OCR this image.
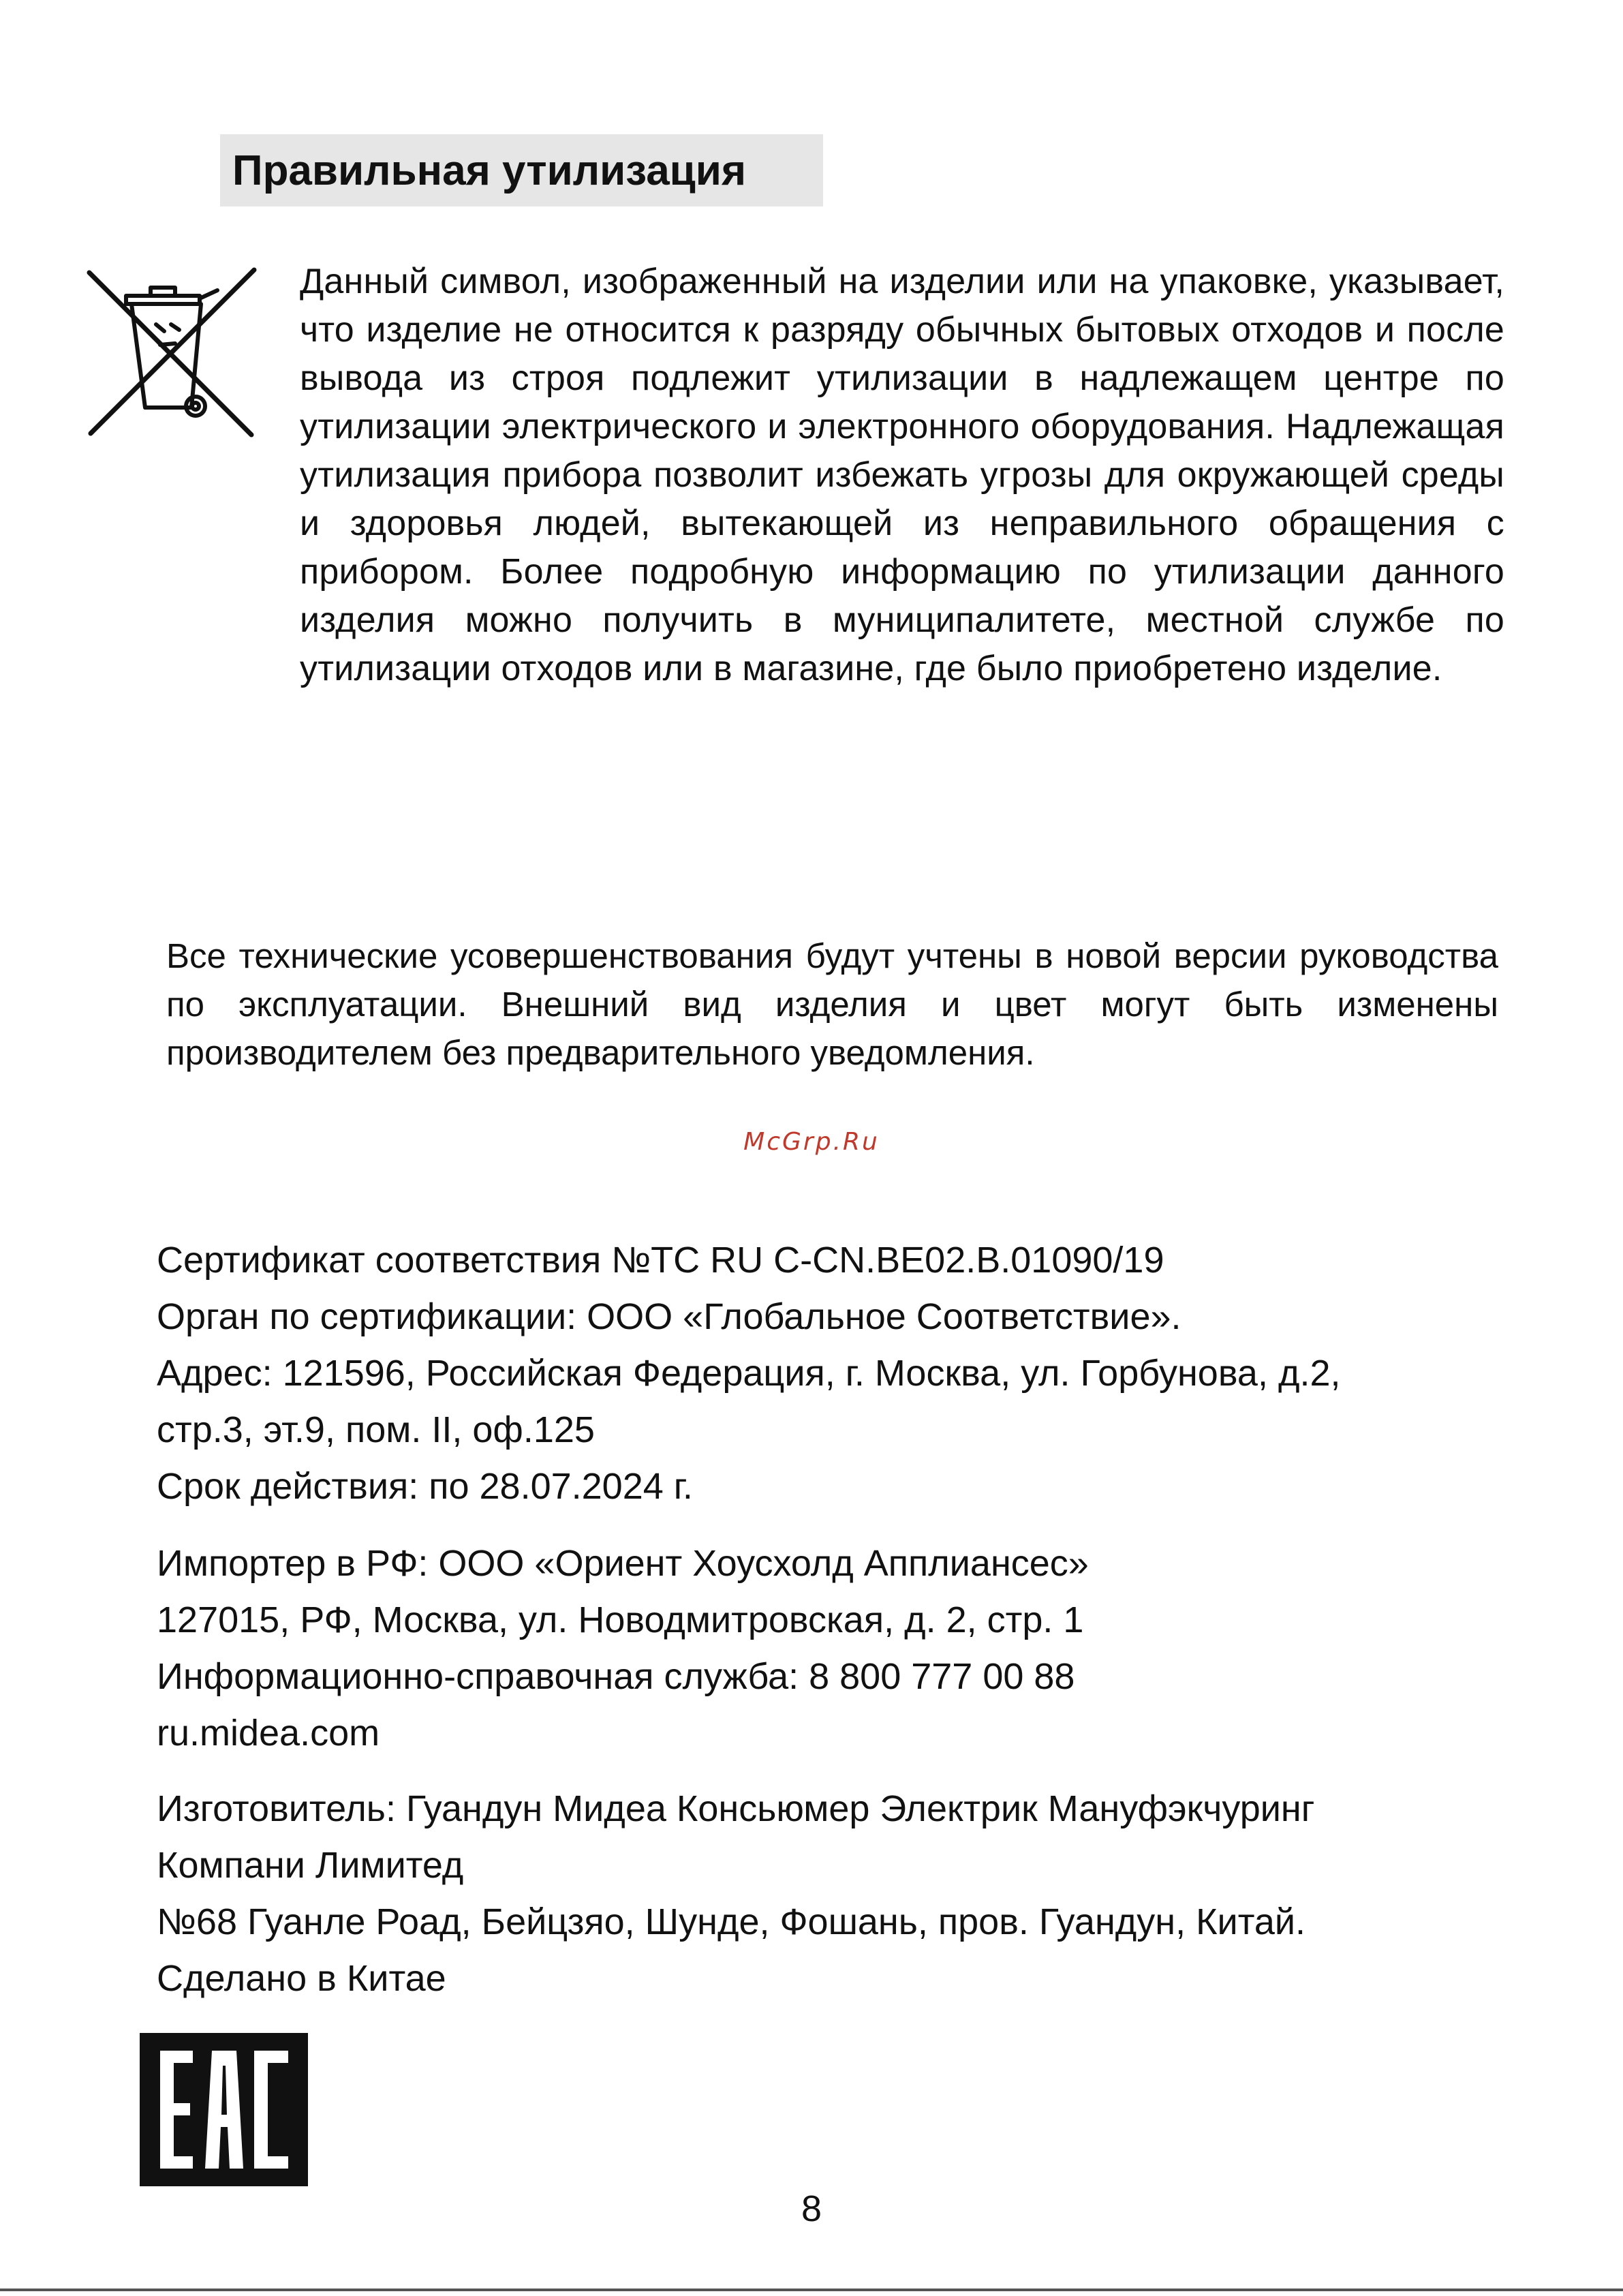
Правильная утилизация
Данный символ, изображенный на изделии или на упаковке, указывает, что изделие не относится к разряду обычных бытовых отходов и после вывода из строя подлежит утилизации в надлежащем центре по утилизации электрического и электронного оборудования. Надлежащая утилизация прибора позволит избежать угрозы для окружающей среды и здоровья людей, вытекающей из неправильного обращения с прибором. Более подробную информацию по утилизации данного изделия можно получить в муниципалитете, местной службе по утилизации отходов или в магазине, где было приобретено изделие.
Все технические усовершенствования будут учтены в новой версии руководства по эксплуатации. Внешний вид изделия и цвет могут быть изменены производителем без предварительного уведомления.
McGrp.Ru
Сертификат соответствия №TC RU C-CN.BE02.B.01090/19
Орган по сертификации: ООО «Глобальное Соответствие».
Адрес: 121596, Российская Федерация, г. Москва, ул. Горбунова, д.2,
стр.3, эт.9, пом. II, оф.125
Срок действия: по 28.07.2024 г.
Импортер в РФ: ООО «Ориент Хоусхолд Апплиансес»
127015, РФ, Москва, ул. Новодмитровская, д. 2, стр. 1
Информационно-справочная служба: 8 800 777 00 88
ru.midea.com
Изготовитель: Гуандун Мидеа Консьюмер Электрик Мануфэкчуринг
Компани Лимитед
№68 Гуанле Роад, Бейцзяо, Шунде, Фошань, пров. Гуандун, Китай.
Сделано в Китае
8
